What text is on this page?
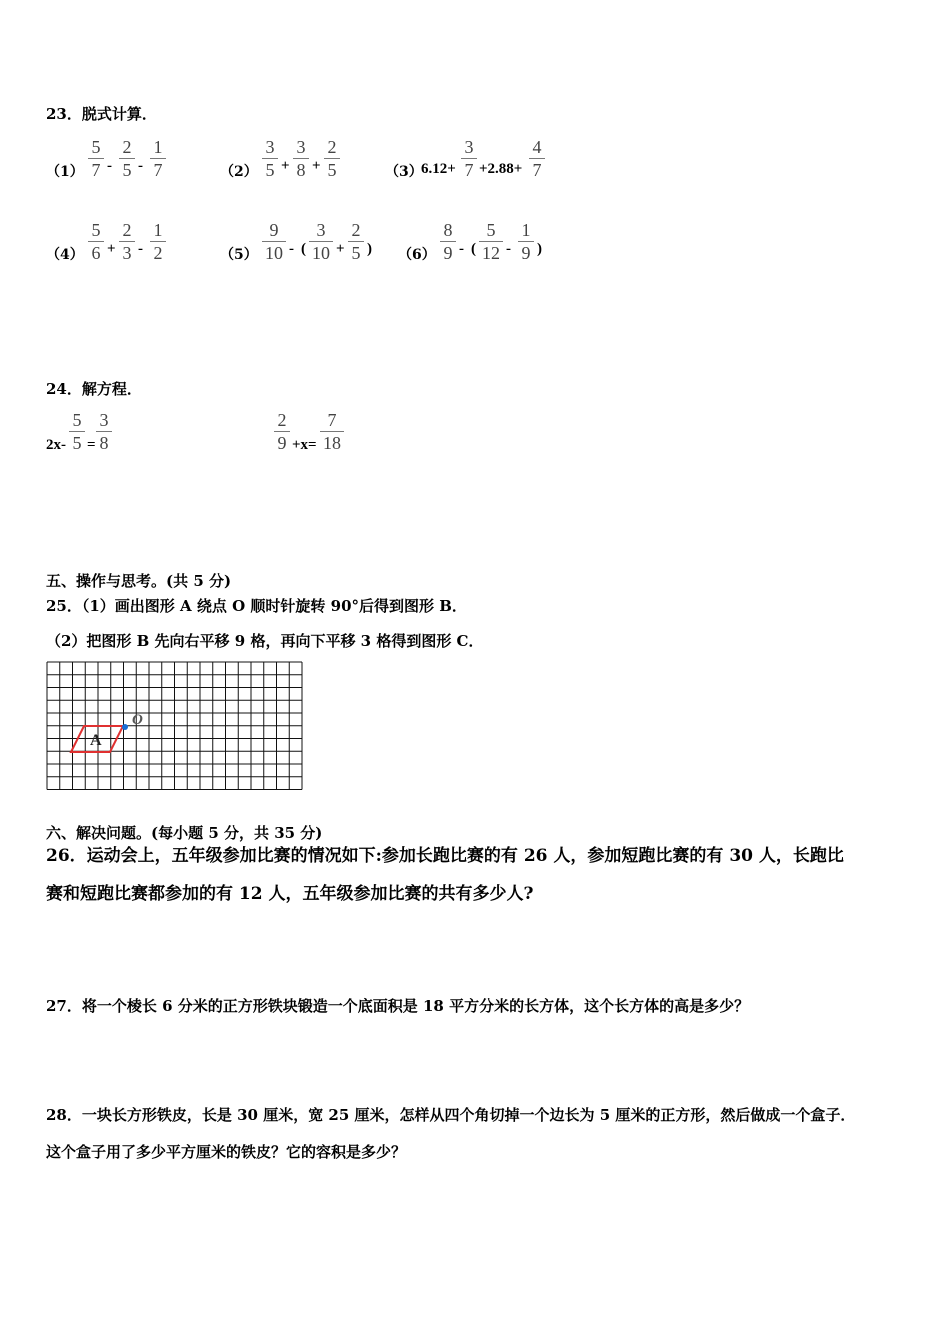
23．脱式计算．
（1）
5
7 -
2
5 -
1
7	（2）
3
5 +
3
8 +
2
5	（3）
6.12+
3
7 +2.88+
4
7
（4）
5
6 +
2
3 -
1
2	（5）
9
10 - (
3
10 +
2
5 ) （6）
8
9 - (
5
12 -
1
9 )
24．解方程．
2x-
5
5 =
3
8
2
9 +x=
7
18
五、操作与思考。(共 5 分)
25．（1）画出图形 A 绕点 O 顺时针旋转 90°后得到图形 B．
（2）把图形 B 先向右平移 9 格，再向下平移 3 格得到图形 C．
A
O
六、解决问题。(每小题 5 分，共 35 分)
26．运动会上，五年级参加比赛的情况如下:参加长跑比赛的有 26 人，参加短跑比赛的有 30 人，长跑比
赛和短跑比赛都参加的有 12 人，五年级参加比赛的共有多少人?
27．将一个棱长 6 分米的正方形铁块锻造一个底面积是 18 平方分米的长方体，这个长方体的高是多少？
28．一块长方形铁皮，长是 30 厘米，宽 25 厘米，怎样从四个角切掉一个边长为 5 厘米的正方形，然后做成一个盒子．
这个盒子用了多少平方厘米的铁皮？它的容积是多少？
